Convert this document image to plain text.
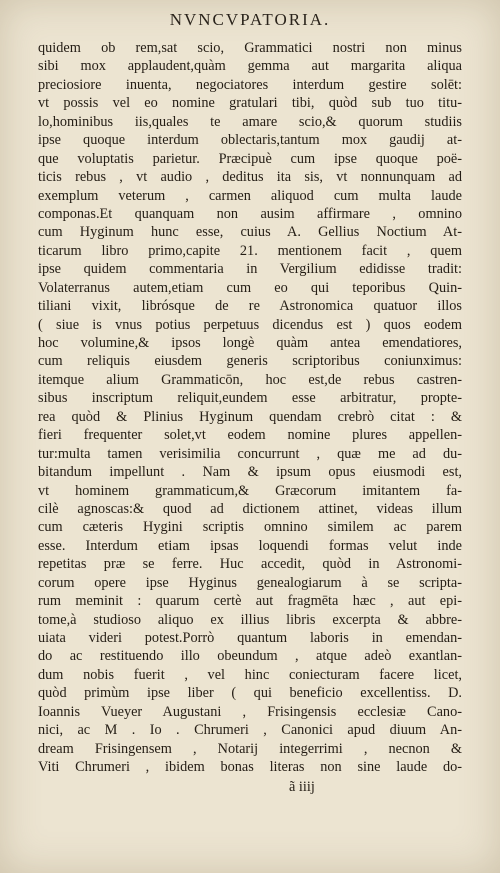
NVNCVPATORIA.
quidem ob rem,sat scio, Grammatici nostri non minus
sibi mox applaudent,quàm gemma aut margarita aliqua
preciosiore inuenta, negociatores interdum gestire solēt:
vt possis vel eo nomine gratulari tibi, quòd sub tuo titu-
lo,hominibus iis,quales te amare scio,& quorum studiis
ipse quoque interdum oblectaris,tantum mox gaudij at-
que voluptatis parietur. Præcipuè cum ipse quoque poë-
ticis rebus , vt audio , deditus ita sis, vt nonnunquam ad
exemplum veterum , carmen aliquod cum multa laude
componas.Et quanquam non ausim affirmare , omnino
cum Hyginum hunc esse, cuius A. Gellius Noctium At-
ticarum libro primo,capite 21. mentionem facit , quem
ipse quidem commentaria in Vergilium edidisse tradit:
Volaterranus autem,etiam cum eo qui teporibus Quin-
tiliani vixit, librósque de re Astronomica quatuor illos
( siue is vnus potius perpetuus dicendus est ) quos eodem
hoc volumine,& ipsos longè quàm antea emendatiores,
cum reliquis eiusdem generis scriptoribus coniunximus:
itemque alium Grammaticōn, hoc est,de rebus castren-
sibus inscriptum reliquit,eundem esse arbitratur, propte-
rea quòd & Plinius Hyginum quendam crebrò citat : &
fieri frequenter solet,vt eodem nomine plures appellen-
tur:multa tamen verisimilia concurrunt , quæ me ad du-
bitandum impellunt . Nam & ipsum opus eiusmodi est,
vt hominem grammaticum,& Græcorum imitantem fa-
cilè agnoscas:& quod ad dictionem attinet, videas illum
cum cæteris Hygini scriptis omnino similem ac parem
esse. Interdum etiam ipsas loquendi formas velut inde
repetitas præ se ferre. Huc accedit, quòd in Astronomi-
corum opere ipse Hyginus genealogiarum à se scripta-
rum meminit : quarum certè aut fragmēta hæc , aut epi-
tome,à studioso aliquo ex illius libris excerpta & abbre-
uiata videri potest.Porrò quantum laboris in emendan-
do ac restituendo illo obeundum , atque adeò exantlan-
dum nobis fuerit , vel hinc coniecturam facere licet,
quòd primùm ipse liber ( qui beneficio excellentiss. D.
Ioannis Vueyer Augustani , Frisingensis ecclesiæ Cano-
nici, ac M . Io . Chrumeri , Canonici apud diuum An-
dream Frisingensem , Notarij integerrimi , necnon &
Viti Chrumeri , ibidem bonas literas non sine laude do-
ã iiij
